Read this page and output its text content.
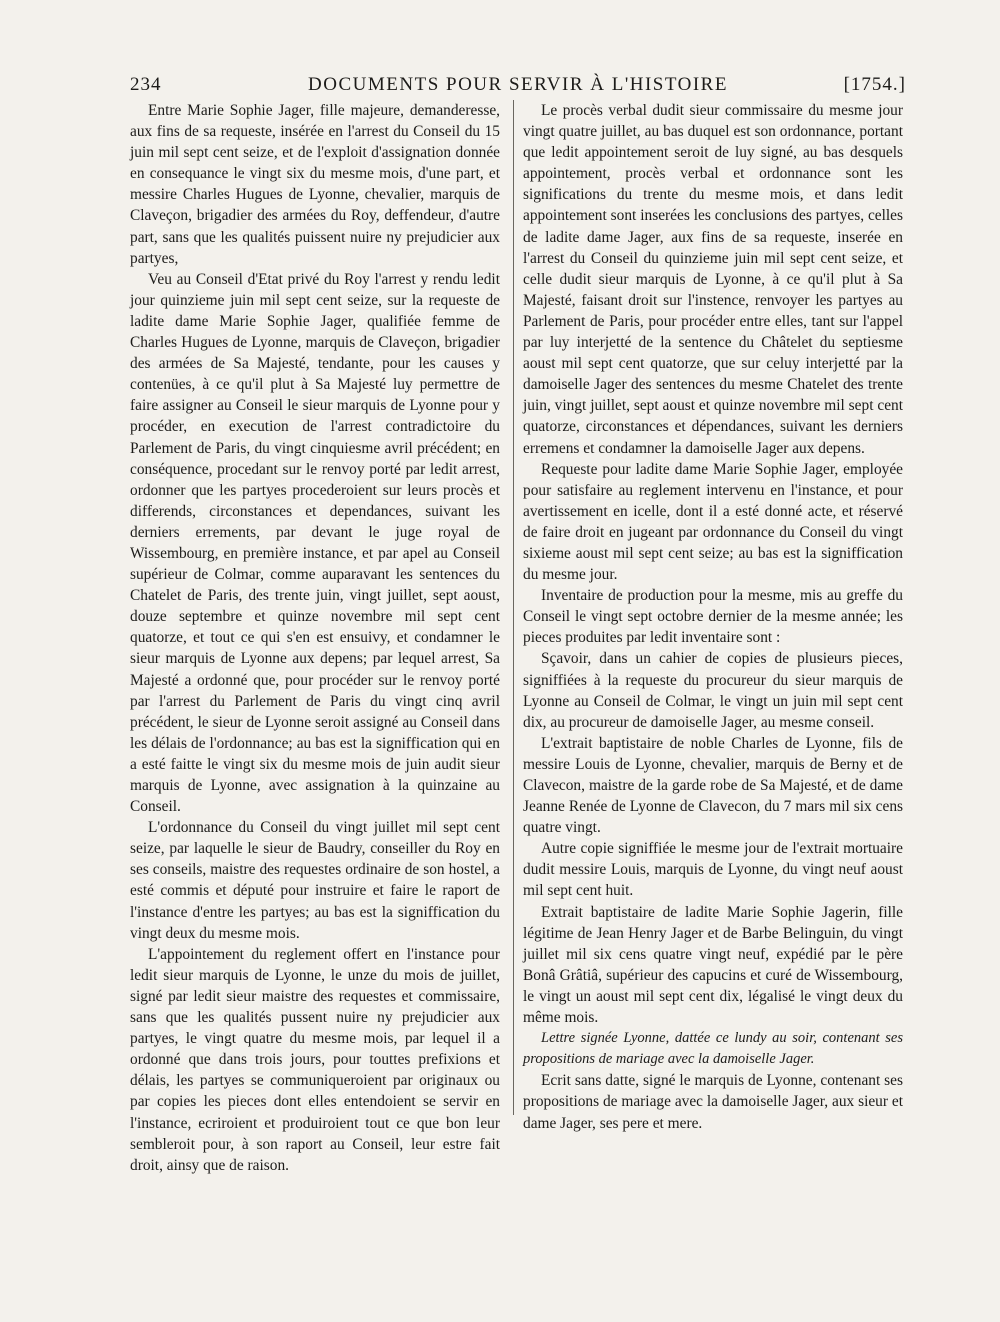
234	DOCUMENTS POUR SERVIR À L'HISTOIRE	[1754.]

Entre Marie Sophie Jager, fille majeure, demanderesse, aux fins de sa requeste, insérée en l'arrest du Conseil du 15 juin mil sept cent seize, et de l'exploit d'assignation donnée en consequance le vingt six du mesme mois, d'une part, et messire Charles Hugues de Lyonne, chevalier, marquis de Claveçon, brigadier des armées du Roy, deffendeur, d'autre part, sans que les qualités puissent nuire ny prejudicier aux partyes,

Veu au Conseil d'Etat privé du Roy l'arrest y rendu ledit jour quinzieme juin mil sept cent seize, sur la requeste de ladite dame Marie Sophie Jager, qualifiée femme de Charles Hugues de Lyonne, marquis de Claveçon, brigadier des armées de Sa Majesté, tendante, pour les causes y contenües, à ce qu'il plut à Sa Majesté luy permettre de faire assigner au Conseil le sieur marquis de Lyonne pour y procéder, en execution de l'arrest contradictoire du Parlement de Paris, du vingt cinquiesme avril précédent; en conséquence, procedant sur le renvoy porté par ledit arrest, ordonner que les partyes procederoient sur leurs procès et differends, circonstances et dependances, suivant les derniers errements, par devant le juge royal de Wissembourg, en première instance, et par apel au Conseil supérieur de Colmar, comme auparavant les sentences du Chatelet de Paris, des trente juin, vingt juillet, sept aoust, douze septembre et quinze novembre mil sept cent quatorze, et tout ce qui s'en est ensuivy, et condamner le sieur marquis de Lyonne aux depens; par lequel arrest, Sa Majesté a ordonné que, pour procéder sur le renvoy porté par l'arrest du Parlement de Paris du vingt cinq avril précédent, le sieur de Lyonne seroit assigné au Conseil dans les délais de l'ordonnance; au bas est la signiffication qui en a esté faitte le vingt six du mesme mois de juin audit sieur marquis de Lyonne, avec assignation à la quinzaine au Conseil.

L'ordonnance du Conseil du vingt juillet mil sept cent seize, par laquelle le sieur de Baudry, conseiller du Roy en ses conseils, maistre des requestes ordinaire de son hostel, a esté commis et député pour instruire et faire le raport de l'instance d'entre les partyes; au bas est la signiffication du vingt deux du mesme mois.

L'appointement du reglement offert en l'instance pour ledit sieur marquis de Lyonne, le unze du mois de juillet, signé par ledit sieur maistre des requestes et commissaire, sans que les qualités pussent nuire ny prejudicier aux partyes, le vingt quatre du mesme mois, par lequel il a ordonné que dans trois jours, pour touttes prefixions et délais, les partyes se communiqueroient par originaux ou par copies les pieces dont elles entendoient se servir en l'instance, ecriroient et produiroient tout ce que bon leur sembleroit pour, à son raport au Conseil, leur estre fait droit, ainsy que de raison.

Le procès verbal dudit sieur commissaire du mesme jour vingt quatre juillet, au bas duquel est son ordonnance, portant que ledit appointement seroit de luy signé, au bas desquels appointement, procès verbal et ordonnance sont les significations du trente du mesme mois, et dans ledit appointement sont inserées les conclusions des partyes, celles de ladite dame Jager, aux fins de sa requeste, inserée en l'arrest du Conseil du quinzieme juin mil sept cent seize, et celle dudit sieur marquis de Lyonne, à ce qu'il plut à Sa Majesté, faisant droit sur l'instence, renvoyer les partyes au Parlement de Paris, pour procéder entre elles, tant sur l'appel par luy interjetté de la sentence du Châtelet du septiesme aoust mil sept cent quatorze, que sur celuy interjetté par la damoiselle Jager des sentences du mesme Chatelet des trente juin, vingt juillet, sept aoust et quinze novembre mil sept cent quatorze, circonstances et dépendances, suivant les derniers erremens et condamner la damoiselle Jager aux depens.

Requeste pour ladite dame Marie Sophie Jager, employée pour satisfaire au reglement intervenu en l'instance, et pour avertissement en icelle, dont il a esté donné acte, et réservé de faire droit en jugeant par ordonnance du Conseil du vingt sixieme aoust mil sept cent seize; au bas est la signiffication du mesme jour.

Inventaire de production pour la mesme, mis au greffe du Conseil le vingt sept octobre dernier de la mesme année; les pieces produites par ledit inventaire sont :

Sçavoir, dans un cahier de copies de plusieurs pieces, signiffiées à la requeste du procureur du sieur marquis de Lyonne au Conseil de Colmar, le vingt un juin mil sept cent dix, au procureur de damoiselle Jager, au mesme conseil.

L'extrait baptistaire de noble Charles de Lyonne, fils de messire Louis de Lyonne, chevalier, marquis de Berny et de Clavecon, maistre de la garde robe de Sa Majesté, et de dame Jeanne Renée de Lyonne de Clavecon, du 7 mars mil six cens quatre vingt.

Autre copie signiffiée le mesme jour de l'extrait mortuaire dudit messire Louis, marquis de Lyonne, du vingt neuf aoust mil sept cent huit.

Extrait baptistaire de ladite Marie Sophie Jagerin, fille légitime de Jean Henry Jager et de Barbe Belinguin, du vingt juillet mil six cens quatre vingt neuf, expédié par le père Bonâ Grâtiâ, supérieur des capucins et curé de Wissembourg, le vingt un aoust mil sept cent dix, légalisé le vingt deux du même mois.

Lettre signée Lyonne, dattée ce lundy au soir, contenant ses propositions de mariage avec la damoiselle Jager.

Ecrit sans datte, signé le marquis de Lyonne, contenant ses propositions de mariage avec la damoiselle Jager, aux sieur et dame Jager, ses pere et mere.
